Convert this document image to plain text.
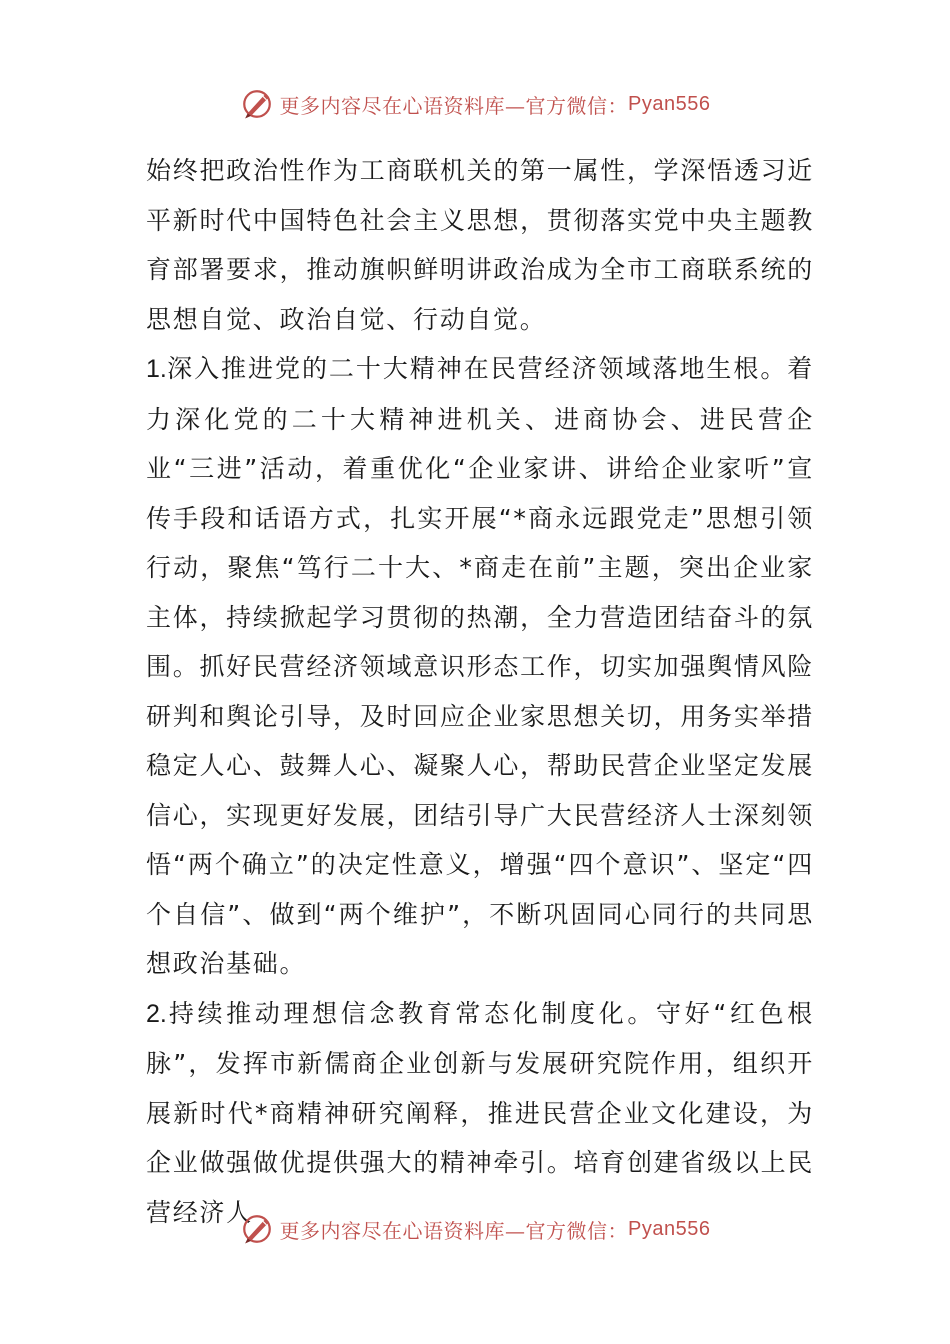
更多内容尽在心语资料库—官方微信： Pyan556

始终把政治性作为工商联机关的第一属性，学深悟透习近平新时代中国特色社会主义思想，贯彻落实党中央主题教育部署要求，推动旗帜鲜明讲政治成为全市工商联系统的思想自觉、政治自觉、行动自觉。

1.深入推进党的二十大精神在民营经济领域落地生根。着力深化党的二十大精神进机关、进商协会、进民营企业“三进”活动，着重优化“企业家讲、讲给企业家听”宣传手段和话语方式，扎实开展“*商永远跟党走”思想引领行动，聚焦“笃行二十大、*商走在前”主题，突出企业家主体，持续掀起学习贯彻的热潮，全力营造团结奋斗的氛围。抓好民营经济领域意识形态工作，切实加强舆情风险研判和舆论引导，及时回应企业家思想关切，用务实举措稳定人心、鼓舞人心、凝聚人心，帮助民营企业坚定发展信心，实现更好发展，团结引导广大民营经济人士深刻领悟“两个确立”的决定性意义，增强“四个意识”、坚定“四个自信”、做到“两个维护”，不断巩固同心同行的共同思想政治基础。

2.持续推动理想信念教育常态化制度化。守好“红色根脉”，发挥市新儒商企业创新与发展研究院作用，组织开展新时代*商精神研究阐释，推进民营企业文化建设，为企业做强做优提供强大的精神牵引。培育创建省级以上民营经济人

更多内容尽在心语资料库—官方微信： Pyan556
